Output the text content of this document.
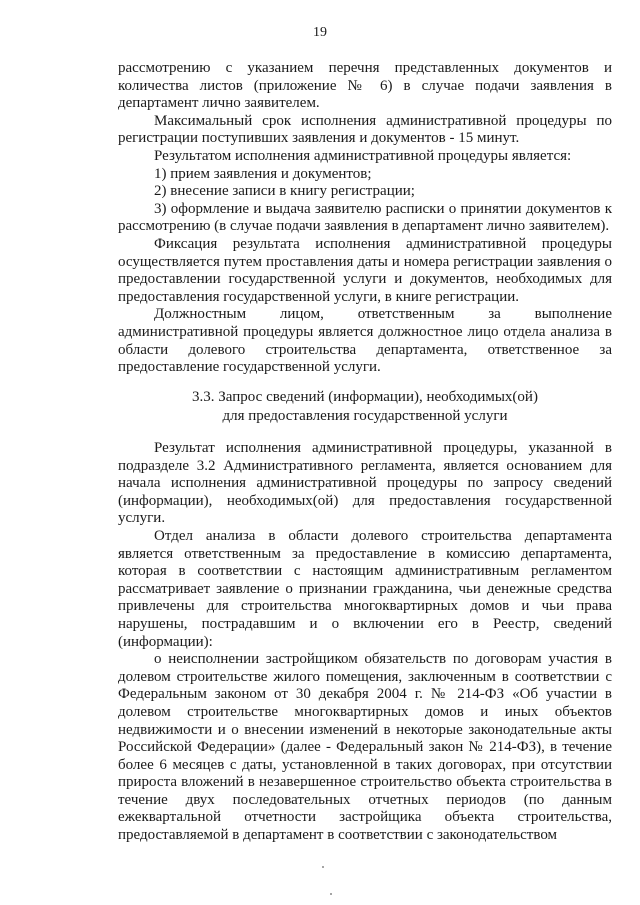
19

рассмотрению с указанием перечня представленных документов и количества листов (приложение № 6) в случае подачи заявления в департамент лично заявителем.

Максимальный срок исполнения административной процедуры по регистрации поступивших заявления и документов - 15 минут.

Результатом исполнения административной процедуры является:

1) прием заявления и документов;

2) внесение записи в книгу регистрации;

3) оформление и выдача заявителю расписки о принятии документов к рассмотрению (в случае подачи заявления в департамент лично заявителем).

Фиксация результата исполнения административной процедуры осуществляется путем проставления даты и номера регистрации заявления о предоставлении государственной услуги и документов, необходимых для предоставления государственной услуги, в книге регистрации.

Должностным лицом, ответственным за выполнение административной процедуры является должностное лицо отдела анализа в области долевого строительства департамента, ответственное за предоставление государственной услуги.

3.3. Запрос сведений (информации), необходимых(ой)

для предоставления государственной услуги

Результат исполнения административной процедуры, указанной в подразделе 3.2 Административного регламента, является основанием для начала исполнения административной процедуры по запросу сведений (информации), необходимых(ой) для предоставления государственной услуги.

Отдел анализа в области долевого строительства департамента является ответственным за предоставление в комиссию департамента, которая в соответствии с настоящим административным регламентом рассматривает заявление о признании гражданина, чьи денежные средства привлечены для строительства многоквартирных домов и чьи права нарушены, пострадавшим и о включении его в Реестр, сведений (информации):

о неисполнении застройщиком обязательств по договорам участия в долевом строительстве жилого помещения, заключенным в соответствии с Федеральным законом от 30 декабря 2004 г. № 214-ФЗ «Об участии в долевом строительстве многоквартирных домов и иных объектов недвижимости и о внесении изменений в некоторые законодательные акты Российской Федерации» (далее - Федеральный закон № 214-ФЗ), в течение более 6 месяцев с даты, установленной в таких договорах, при отсутствии прироста вложений в незавершенное строительство объекта строительства в течение двух последовательных отчетных периодов (по данным ежеквартальной отчетности застройщика объекта строительства, предоставляемой в департамент в соответствии с законодательством
